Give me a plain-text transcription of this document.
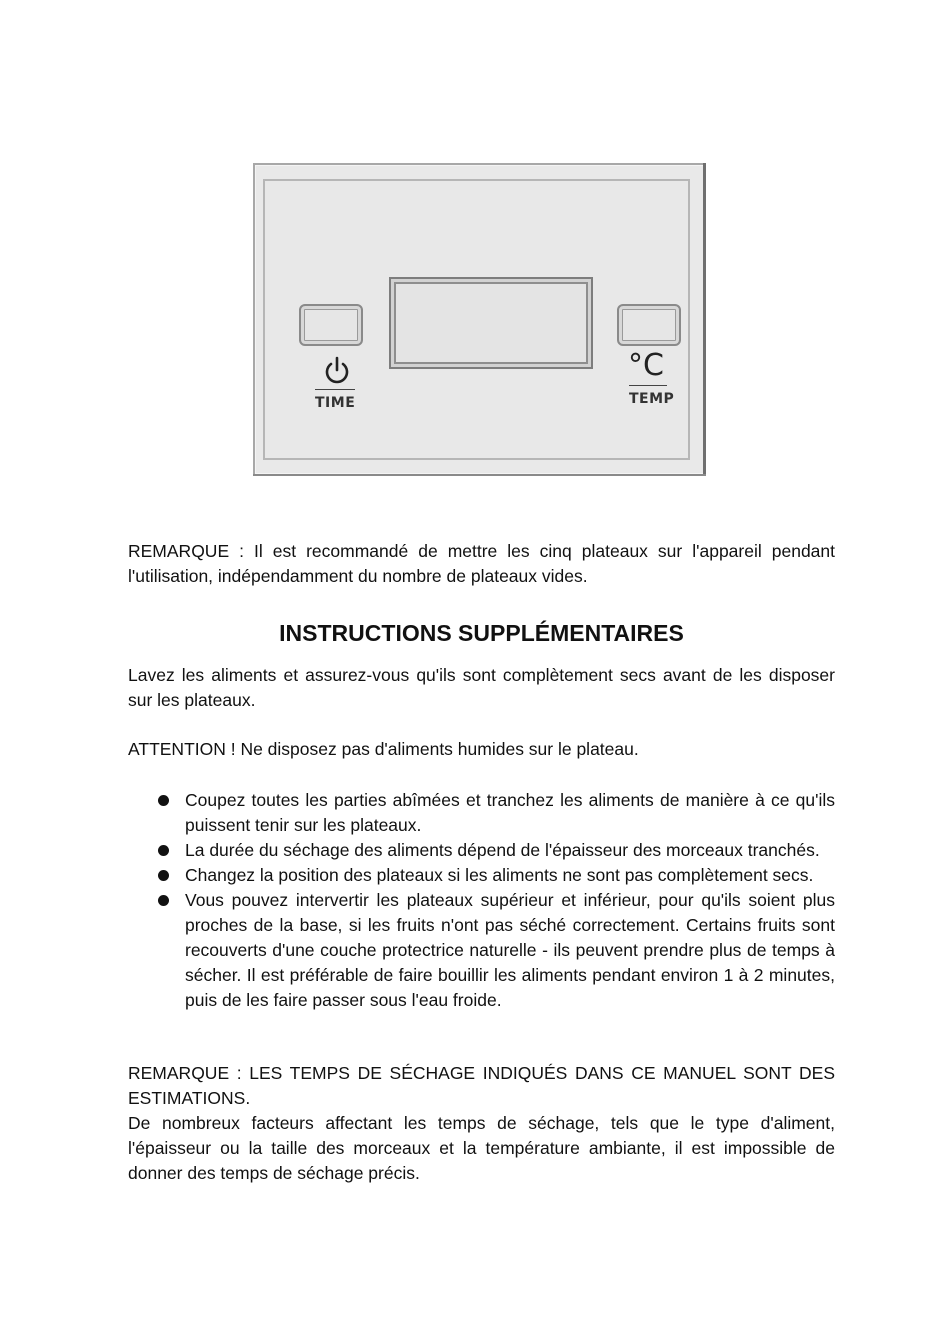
°C
TIME	TEMP

REMARQUE : Il est recommandé de mettre les cinq plateaux sur l'appareil pendant l'utilisation, indépendamment du nombre de plateaux vides.

INSTRUCTIONS SUPPLÉMENTAIRES

Lavez les aliments et assurez-vous qu'ils sont complètement secs avant de les disposer sur les plateaux.

ATTENTION ! Ne disposez pas d'aliments humides sur le plateau.

Coupez toutes les parties abîmées et tranchez les aliments de manière à ce qu'ils puissent tenir sur les plateaux.
La durée du séchage des aliments dépend de l'épaisseur des morceaux tranchés.
Changez la position des plateaux si les aliments ne sont pas complètement secs.
Vous pouvez intervertir les plateaux supérieur et inférieur, pour qu'ils soient plus proches de la base, si les fruits n'ont pas séché correctement. Certains fruits sont recouverts d'une couche protectrice naturelle - ils peuvent prendre plus de temps à sécher. Il est préférable de faire bouillir les aliments pendant environ 1 à 2 minutes, puis de les faire passer sous l'eau froide.

REMARQUE : LES TEMPS DE SÉCHAGE INDIQUÉS DANS CE MANUEL SONT DES ESTIMATIONS.

De nombreux facteurs affectant les temps de séchage, tels que le type d'aliment, l'épaisseur ou la taille des morceaux et la température ambiante, il est impossible de donner des temps de séchage précis.
